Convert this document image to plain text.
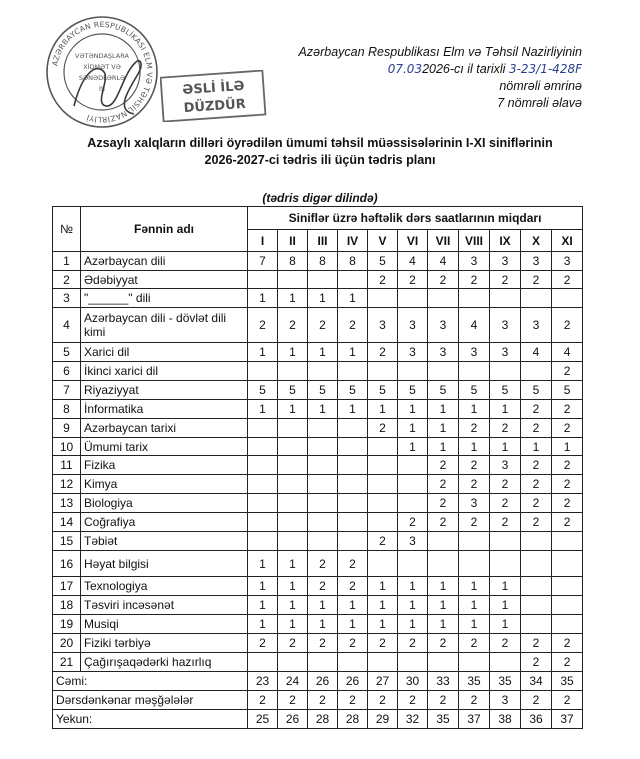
Azərbaycan Respublikası Elm və Təhsil Nazirliyinin
07.032026-cı il tarixli 3-23/1-428F
nömrəli əmrinə
7 nömrəli əlavə
AZƏRBAYCAN RESPUBLİKASI ELM VƏ TƏHSİL NAZİRLİYİ
VƏTƏNDAŞLARA
XİDMƏT VƏ
SƏNƏDLƏRLƏ
İŞ	ƏSLİ İLƏ
DÜZDÜR
Azsaylı xalqların dilləri öyrədilən ümumi təhsil müəssisələrinin I-XI siniflərinin
2026-2027-ci tədris ili üçün tədris planı
(tədris digər dilində)
№	Fənnin adı	Siniflər üzrə həftəlik dərs saatlarının miqdarı										
		I	II	III	IV	V	VI	VII	VIII	IX	X	XI
1	Azərbaycan dili	7	8	8	8	5	4	4	3	3	3	3
2	Ədəbiyyat					2	2	2	2	2	2	2
3	"______" dili	1	1	1	1							
4	Azərbaycan dili - dövlət dili kimi	2	2	2	2	3	3	3	4	3	3	2
5	Xarici dil	1	1	1	1	2	3	3	3	3	4	4
6	İkinci xarici dil											2
7	Riyaziyyat	5	5	5	5	5	5	5	5	5	5	5
8	İnformatika	1	1	1	1	1	1	1	1	1	2	2
9	Azərbaycan tarixi					2	1	1	2	2	2	2
10	Ümumi tarix						1	1	1	1	1	1
11	Fizika							2	2	3	2	2
12	Kimya							2	2	2	2	2
13	Biologiya							2	3	2	2	2
14	Coğrafiya						2	2	2	2	2	2
15	Təbiət					2	3					
16	Həyat bilgisi	1	1	2	2							
17	Texnologiya	1	1	2	2	1	1	1	1	1		
18	Təsviri incəsənət	1	1	1	1	1	1	1	1	1		
19	Musiqi	1	1	1	1	1	1	1	1	1		
20	Fiziki tərbiyə	2	2	2	2	2	2	2	2	2	2	2
21	Çağırışaqədərki hazırlıq										2	2
Cəmi:		23	24	26	26	27	30	33	35	35	34	35
Dərsdənkənar məşğələlər		2	2	2	2	2	2	2	2	3	2	2
Yekun:		25	26	28	28	29	32	35	37	38	36	37
